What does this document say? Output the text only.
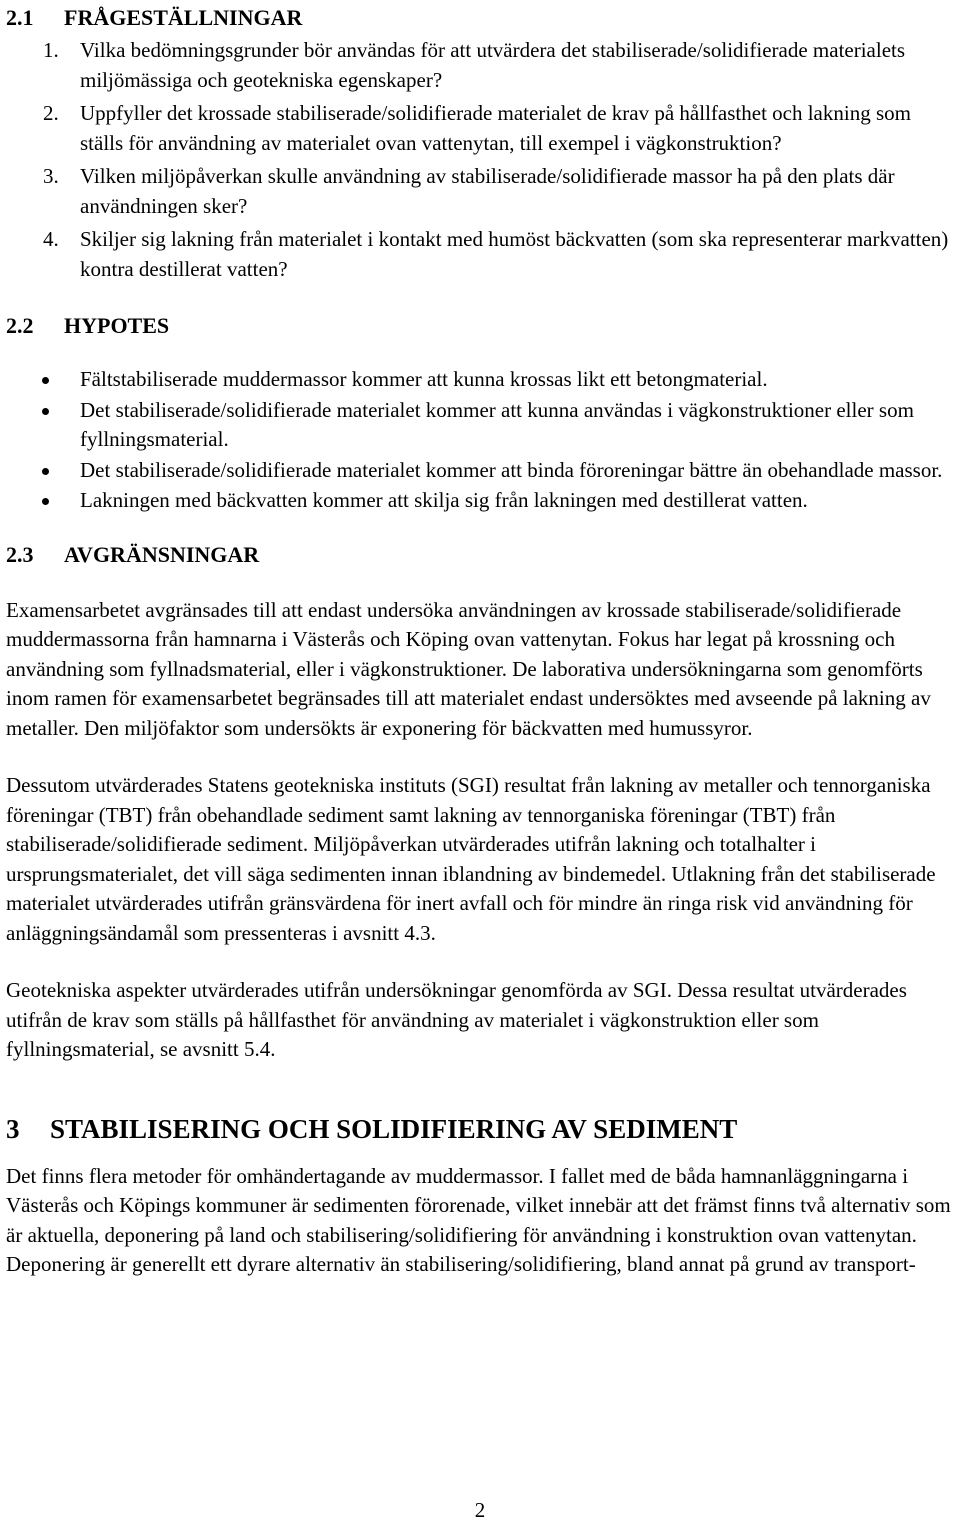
2.1	FRÅGESTÄLLNINGAR
1. Vilka bedömningsgrunder bör användas för att utvärdera det stabiliserade/solidifierade materialets miljömässiga och geotekniska egenskaper?
2. Uppfyller det krossade stabiliserade/solidifierade materialet de krav på hållfasthet och lakning som ställs för användning av materialet ovan vattenytan, till exempel i vägkonstruktion?
3. Vilken miljöpåverkan skulle användning av stabiliserade/solidifierade massor ha på den plats där användningen sker?
4. Skiljer sig lakning från materialet i kontakt med humöst bäckvatten (som ska representerar markvatten) kontra destillerat vatten?
2.2	HYPOTES
Fältstabiliserade muddermassor kommer att kunna krossas likt ett betongmaterial.
Det stabiliserade/solidifierade materialet kommer att kunna användas i vägkonstruktioner eller som fyllningsmaterial.
Det stabiliserade/solidifierade materialet kommer att binda föroreningar bättre än obehandlade massor.
Lakningen med bäckvatten kommer att skilja sig från lakningen med destillerat vatten.
2.3	AVGRÄNSNINGAR

Examensarbetet avgränsades till att endast undersöka användningen av krossade stabiliserade/solidifierade muddermassorna från hamnarna i Västerås och Köping ovan vattenytan. Fokus har legat på krossning och användning som fyllnadsmaterial, eller i vägkonstruktioner. De laborativa undersökningarna som genomförts inom ramen för examensarbetet begränsades till att materialet endast undersöktes med avseende på lakning av metaller. Den miljöfaktor som undersökts är exponering för bäckvatten med humussyror.

Dessutom utvärderades Statens geotekniska instituts (SGI) resultat från lakning av metaller och tennorganiska föreningar (TBT) från obehandlade sediment samt lakning av tennorganiska föreningar (TBT) från stabiliserade/solidifierade sediment. Miljöpåverkan utvärderades utifrån lakning och totalhalter i ursprungsmaterialet, det vill säga sedimenten innan iblandning av bindemedel. Utlakning från det stabiliserade materialet utvärderades utifrån gränsvärdena för inert avfall och för mindre än ringa risk vid användning för anläggningsändamål som pressenteras i avsnitt 4.3.

Geotekniska aspekter utvärderades utifrån undersökningar genomförda av SGI. Dessa resultat utvärderades utifrån de krav som ställs på hållfasthet för användning av materialet i vägkonstruktion eller som fyllningsmaterial, se avsnitt 5.4.

3	STABILISERING OCH SOLIDIFIERING AV SEDIMENT

Det finns flera metoder för omhändertagande av muddermassor. I fallet med de båda hamnanläggningarna i Västerås och Köpings kommuner är sedimenten förorenade, vilket innebär att det främst finns två alternativ som är aktuella, deponering på land och stabilisering/solidifiering för användning i konstruktion ovan vattenytan. Deponering är generellt ett dyrare alternativ än stabilisering/solidifiering, bland annat på grund av transport-

2
